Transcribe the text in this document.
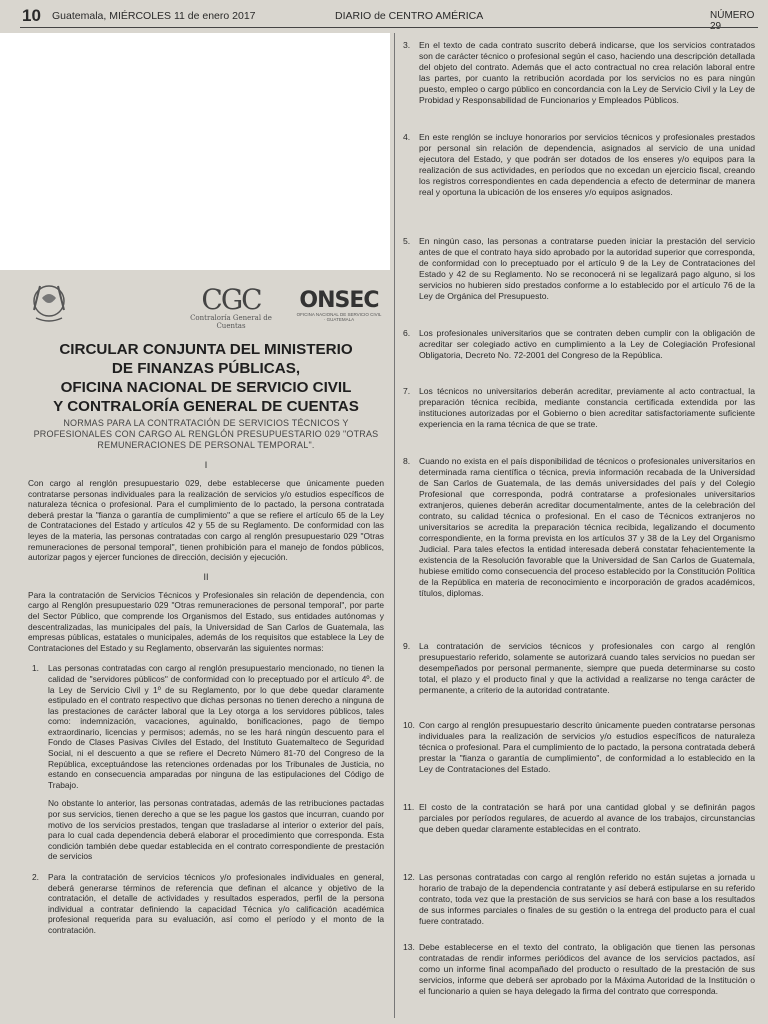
10 Guatemala, MIÉRCOLES 11 de enero 2017	DIARIO de CENTRO AMÉRICA	NÚMERO
CGC
Contraloría General de Cuentas
ONSEC
OFICINA NACIONAL DE SERVICIO CIVIL · GUATEMALA
CIRCULAR CONJUNTA DEL MINISTERIO
DE FINANZAS PÚBLICAS,
OFICINA NACIONAL DE SERVICIO CIVIL
Y CONTRALORÍA GENERAL DE CUENTAS
NORMAS PARA LA CONTRATACIÓN DE SERVICIOS TÉCNICOS Y PROFESIONALES CON CARGO AL RENGLÓN PRESUPUESTARIO 029 "OTRAS REMUNERACIONES DE PERSONAL TEMPORAL".
I

Con cargo al renglón presupuestario 029, debe establecerse que únicamente pueden contratarse personas individuales para la realización de servicios y/o estudios específicos de naturaleza técnica o profesional. Para el cumplimiento de lo pactado, la persona contratada deberá prestar la "fianza o garantía de cumplimiento" a que se refiere el artículo 65 de la Ley de Contrataciones del Estado y artículos 42 y 55 de su Reglamento. De conformidad con las leyes de la materia, las personas contratadas con cargo al renglón presupuestario 029 "Otras remuneraciones de personal temporal", tienen prohibición para el manejo de fondos públicos, autorizar pagos y ejercer funciones de dirección, decisión y ejecución.

II

Para la contratación de Servicios Técnicos y Profesionales sin relación de dependencia, con cargo al Renglón presupuestario 029 "Otras remuneraciones de personal temporal", por parte del Sector Público, que comprende los Organismos del Estado, sus entidades autónomas y descentralizadas, las municipales del país, la Universidad de San Carlos de Guatemala, las empresas públicas, estatales o municipales, además de los requisitos que establece la Ley de Contrataciones del Estado y su Reglamento, observarán las siguientes normas:

1. Las personas contratadas con cargo al renglón presupuestario mencionado, no tienen la calidad de "servidores públicos" de conformidad con lo preceptuado por el artículo 4º. de la Ley de Servicio Civil y 1º de su Reglamento, por lo que debe quedar claramente estipulado en el contrato respectivo que dichas personas no tienen derecho a ninguna de las prestaciones de carácter laboral que la Ley otorga a los servidores públicos, tales como: indemnización, vacaciones, aguinaldo, bonificaciones, pago de tiempo extraordinario, licencias y permisos; además, no se les hará ningún descuento para el Fondo de Clases Pasivas Civiles del Estado, del Instituto Guatemalteco de Seguridad Social, ni el descuento a que se refiere el Decreto Número 81-70 del Congreso de la República, exceptuándose las retenciones ordenadas por los Tribunales de Justicia, no estando en consecuencia amparadas por ninguna de las estipulaciones del Código de Trabajo.
No obstante lo anterior, las personas contratadas, además de las retribuciones pactadas por sus servicios, tienen derecho a que se les pague los gastos que incurran, cuando por motivo de los servicios prestados, tengan que trasladarse al interior o exterior del país, para lo cual cada dependencia deberá elaborar el procedimiento que corresponda. Esta condición también debe quedar establecida en el contrato correspondiente de prestación de servicios
2. Para la contratación de servicios técnicos y/o profesionales individuales en general, deberá generarse términos de referencia que definan el alcance y objetivo de la contratación, el detalle de actividades y resultados esperados, perfil de la persona individual a contratar definiendo la capacidad Técnica y/o calificación académica profesional requerida para su evaluación, así como el período y el monto de la contratación.
3. En el texto de cada contrato suscrito deberá indicarse, que los servicios contratados son de carácter técnico o profesional según el caso, haciendo una descripción detallada del objeto del contrato. Además que el acto contractual no crea relación laboral entre las partes, por cuanto la retribución acordada por los servicios no es para ningún puesto, empleo o cargo público en concordancia con la Ley de Servicio Civil y la Ley de Probidad y Responsabilidad de Funcionarios y Empleados Públicos.
4. En este renglón se incluye honorarios por servicios técnicos y profesionales prestados por personal sin relación de dependencia, asignados al servicio de una unidad ejecutora del Estado, y que podrán ser dotados de los enseres y/o equipos para la realización de sus actividades, en períodos que no excedan un ejercicio fiscal, creando los registros correspondientes en cada dependencia a efecto de determinar de manera real y oportuna la ubicación de los enseres y/o equipos asignados.
5. En ningún caso, las personas a contratarse pueden iniciar la prestación del servicio antes de que el contrato haya sido aprobado por la autoridad superior que corresponda, de conformidad con lo preceptuado por el artículo 9 de la Ley de Contrataciones del Estado y 42 de su Reglamento. No se reconocerá ni se legalizará pago alguno, si los servicios no hubieren sido prestados conforme a lo establecido por el artículo 76 de la Ley de Orgánica del Presupuesto.
6. Los profesionales universitarios que se contraten deben cumplir con la obligación de acreditar ser colegiado activo en cumplimiento a la Ley de Colegiación Profesional Obligatoria, Decreto No. 72-2001 del Congreso de la República.
7. Los técnicos no universitarios deberán acreditar, previamente al acto contractual, la preparación técnica recibida, mediante constancia certificada extendida por las instituciones autorizadas por el Gobierno o bien acreditar satisfactoriamente suficiente experiencia en la rama técnica de que se trate.
8. Cuando no exista en el país disponibilidad de técnicos o profesionales universitarios en determinada rama científica o técnica, previa información recabada de la Universidad de San Carlos de Guatemala, de las demás universidades del país y del Colegio Profesional que corresponda, podrá contratarse a profesionales universitarios extranjeros, quienes deberán acreditar documentalmente, antes de la celebración del contrato, su calidad técnica o profesional. En el caso de Técnicos extranjeros no universitarios se acredita la preparación técnica recibida, legalizando el documento correspondiente, en la forma prevista en los artículos 37 y 38 de la Ley del Organismo Judicial. Para tales efectos la entidad interesada deberá constatar fehacientemente la existencia de la Resolución favorable que la Universidad de San Carlos de Guatemala, hubiese emitido como consecuencia del proceso establecido por la Constitución Política de la República en materia de reconocimiento e incorporación de grados académicos, títulos, diplomas.
9. La contratación de servicios técnicos y profesionales con cargo al renglón presupuestario referido, solamente se autorizará cuando tales servicios no puedan ser desempeñados por personal permanente, siempre que pueda determinarse su costo total, el plazo y el producto final y que la actividad a realizarse no tenga carácter de permanente, a criterio de la autoridad contratante.
10. Con cargo al renglón presupuestario descrito únicamente pueden contratarse personas individuales para la realización de servicios y/o estudios específicos de naturaleza técnica o profesional. Para el cumplimiento de lo pactado, la persona contratada deberá prestar la "fianza o garantía de cumplimiento", de conformidad a lo establecido en la Ley de Contrataciones del Estado.
11. El costo de la contratación se hará por una cantidad global y se definirán pagos parciales por períodos regulares, de acuerdo al avance de los trabajos, circunstancias que deben quedar claramente establecidas en el contrato.
12. Las personas contratadas con cargo al renglón referido no están sujetas a jornada u horario de trabajo de la dependencia contratante y así deberá estipularse en su referido contrato, toda vez que la prestación de sus servicios se hará con base a los resultados de sus informes parciales o finales de su gestión o la entrega del producto para el cual fuere contratado.
13. Debe establecerse en el texto del contrato, la obligación que tienen las personas contratadas de rendir informes periódicos del avance de los servicios pactados, así como un informe final acompañado del producto o resultado de la prestación de sus servicios, informe que deberá ser aprobado por la Máxima Autoridad de la Institución o el funcionario a quien se haya delegado la firma del contrato que corresponda.
